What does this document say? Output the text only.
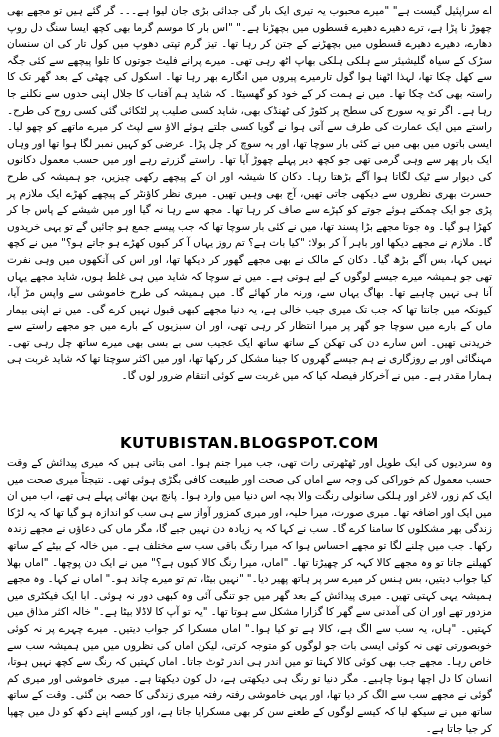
اے سراپئیل گیست ہے" "میرے محبوب یہ تیری ایک بار گی جدائی بڑی جان لیوا ہے۔۔۔ گر گئے ہیں تو مجھے بھی چھوڑ نا پڑا ہے، ترے دھیرے دھیرے قسطوں میں بچھڑنا ہے۔" "اس بار کا موسم گرما بھی کچھ ایسا سنگ دل روپ دھارے، دھیرے دھیرے قسطوں میں بچھڑنے کے جتن کر رہا تھا۔ تیز گرم تپتی دھوپ میں کول تار کی ان سنسان سڑک کے سیاہ گلیشیئر سے ہلکی ہلکی بھاپ اٹھ رہی تھی۔ میرے پرانے فلیٹ جوتوں کا تلوا پیچھے سے کئی جگہ سے کھل چکا تھا، لہذا اٹھنا ہوا گول تارمیرے پیروں میں انگارے بھر رہا تھا۔ اسکول کی چھٹی کے بعد گھر تک کا راستہ بھی کٹ چکا تھا۔ میں نے ہمت کر کے خود کو گھسیٹا۔ کہ شاید ہم آفتاب کا جلال اپنی حدوں سے نکلنے جا رہا ہے۔ اگر تو یہ سورج کی سطح پر کٹوڑ کی ٹھنڈک بھی، شاید کسی صلیب پر لٹکائی گئی کسی روح کی طرح۔ راستے میں ایک عمارت کی طرف سے آتی ہوا نے گویا کسی جلتے ہوئے الاؤ سے لپٹ کر میرے ماتھے کو چھو لیا۔ ایسی باتوں میں بھی میں نے کئی بار سوچا تھا، اور یہ سوچ کر چل پڑا۔ عرضی کو کہیں نمبر لگا ہوا تھا اور وہاں ایک بار پھر سے وہی گرمی تھی جو کچھ دیر پہلے چھوڑ آیا تھا۔ راستے گزرتے رہے اور میں حسب معمول دکانوں کی دیوار سے ٹیک لگاتا ہوا آگے بڑھتا رہا۔ دکان کا شیشہ اور ان کے پیچھے رکھی چیزیں، جو ہمیشہ کی طرح حسرت بھری نظروں سے دیکھی جاتی تھیں، آج بھی وہیں تھیں۔ میری نظر کاؤنٹر کے پیچھے کھڑے ایک ملازم پر پڑی جو ایک چمکتے ہوئے جوتے کو کپڑے سے صاف کر رہا تھا۔ مجھ سے رہا نہ گیا اور میں شیشے کے پاس جا کر کھڑا ہو گیا۔ وہ جوتا مجھے بڑا پسند تھا، میں نے کئی بار سوچا تھا کہ جب پیسے جمع ہو جائیں گے تو یہی خریدوں گا۔ ملازم نے مجھے دیکھا اور باہر آ کر بولا: "کیا بات ہے؟ تم روز یہاں آ کر کیوں کھڑے ہو جاتے ہو؟" میں نے کچھ نہیں کہا، بس آگے بڑھ گیا۔ دکان کے مالک نے بھی مجھے گھور کر دیکھا تھا، اور اس کی آنکھوں میں وہی نفرت تھی جو ہمیشہ میرے جیسے لوگوں کے لیے ہوتی ہے۔ میں نے سوچا کہ شاید میں ہی غلط ہوں، شاید مجھے یہاں آنا ہی نہیں چاہیے تھا۔ بھاگ یہاں سے، ورنہ مار کھائے گا۔ میں ہمیشہ کی طرح خاموشی سے واپس مڑ آیا، کیونکہ میں جانتا تھا کہ جب تک میری جیب خالی ہے، یہ دنیا مجھے کبھی قبول نہیں کرے گی۔ میں نے اپنی بیمار ماں کے بارے میں سوچا جو گھر پر میرا انتظار کر رہی تھی، اور ان سبزیوں کے بارے میں جو مجھے راستے سے خریدنی تھیں۔ اس سارے دن کی تھکن کے ساتھ ساتھ ایک عجیب سی بے بسی بھی میرے ساتھ چل رہی تھی۔ مہنگائی اور بے روزگاری نے ہم جیسے گھروں کا جینا مشکل کر رکھا تھا، اور میں اکثر سوچتا تھا کہ شاید غربت ہی ہمارا مقدر ہے۔ میں نے آخرکار فیصلہ کیا کہ میں غربت سے کوئی انتقام ضرور لوں گا۔

KUTUBISTAN.BLOGSPOT.COM

وہ سردیوں کی ایک طویل اور ٹھٹھرتی رات تھی، جب میرا جنم ہوا۔ امی بتاتی ہیں کہ میری پیدائش کے وقت حسب معمول کم خوراکی کی وجہ سے اماں کی صحت اور طبیعت کافی بگڑی ہوئی تھی۔ نتیجتاً میری صحت میں ایک کم زور، لاغر اور ہلکی سانولی رنگت والا بچہ اس دنیا میں وارد ہوا۔ پانچ بہن بھائی پہلے ہی تھے، اب میں ان میں ایک اور اضافہ تھا۔ میری صورت، میرا حلیہ، اور میری کمزور آواز سے ہی سب کو اندازہ ہو گیا تھا کہ یہ لڑکا زندگی بھر مشکلوں کا سامنا کرے گا۔ سب نے کہا کہ یہ زیادہ دن نہیں جیے گا، مگر ماں کی دعاؤں نے مجھے زندہ رکھا۔ جب میں چلنے لگا تو مجھے احساس ہوا کہ میرا رنگ باقی سب سے مختلف ہے۔ میں خالہ کے بیٹے کے ساتھ کھیلنے جاتا تو وہ مجھے کالا کہہ کر چھیڑتا تھا۔ "اماں، میرا رنگ کالا کیوں ہے؟" میں نے ایک دن پوچھا۔ "اماں بھلا کیا جواب دیتیں، بس ہنس کر میرے سر پر ہاتھ پھیر دیا۔" "نہیں بیٹا، تم تو میرے چاند ہو۔" اماں نے کہا۔ وہ مجھے ہمیشہ یہی کہتی تھیں۔ میری پیدائش کے بعد گھر میں جو تنگی آئی وہ کبھی دور نہ ہوئی۔ ابا ایک فیکٹری میں مزدور تھے اور ان کی آمدنی سے گھر کا گزارا مشکل سے ہوتا تھا۔ "یہ تو آپ کا لاڈلا بیٹا ہے۔" خالہ اکثر مذاق میں کہتیں۔ "ہاں، یہ سب سے الگ ہے، کالا ہے تو کیا ہوا۔" اماں مسکرا کر جواب دیتیں۔ میرے چہرے پر نہ کوئی خوبصورتی تھی نہ کوئی ایسی بات جو لوگوں کو متوجہ کرتی، لیکن اماں کی نظروں میں میں ہمیشہ سب سے خاص رہا۔ مجھے جب بھی کوئی کالا کہتا تو میں اندر ہی اندر ٹوٹ جاتا۔ اماں کہتیں کہ رنگ سے کچھ نہیں ہوتا، انسان کا دل اچھا ہونا چاہیے۔ مگر دنیا تو رنگ ہی دیکھتی ہے، دل کون دیکھتا ہے۔ میری خاموشی اور میری کم گوئی نے مجھے سب سے الگ کر دیا تھا، اور یہی خاموشی رفتہ رفتہ میری زندگی کا حصہ بن گئی۔ وقت کے ساتھ ساتھ میں نے سیکھ لیا کہ کیسے لوگوں کے طعنے سن کر بھی مسکرایا جاتا ہے، اور کیسے اپنے دکھ کو دل میں چھپا کر جیا جاتا ہے۔
